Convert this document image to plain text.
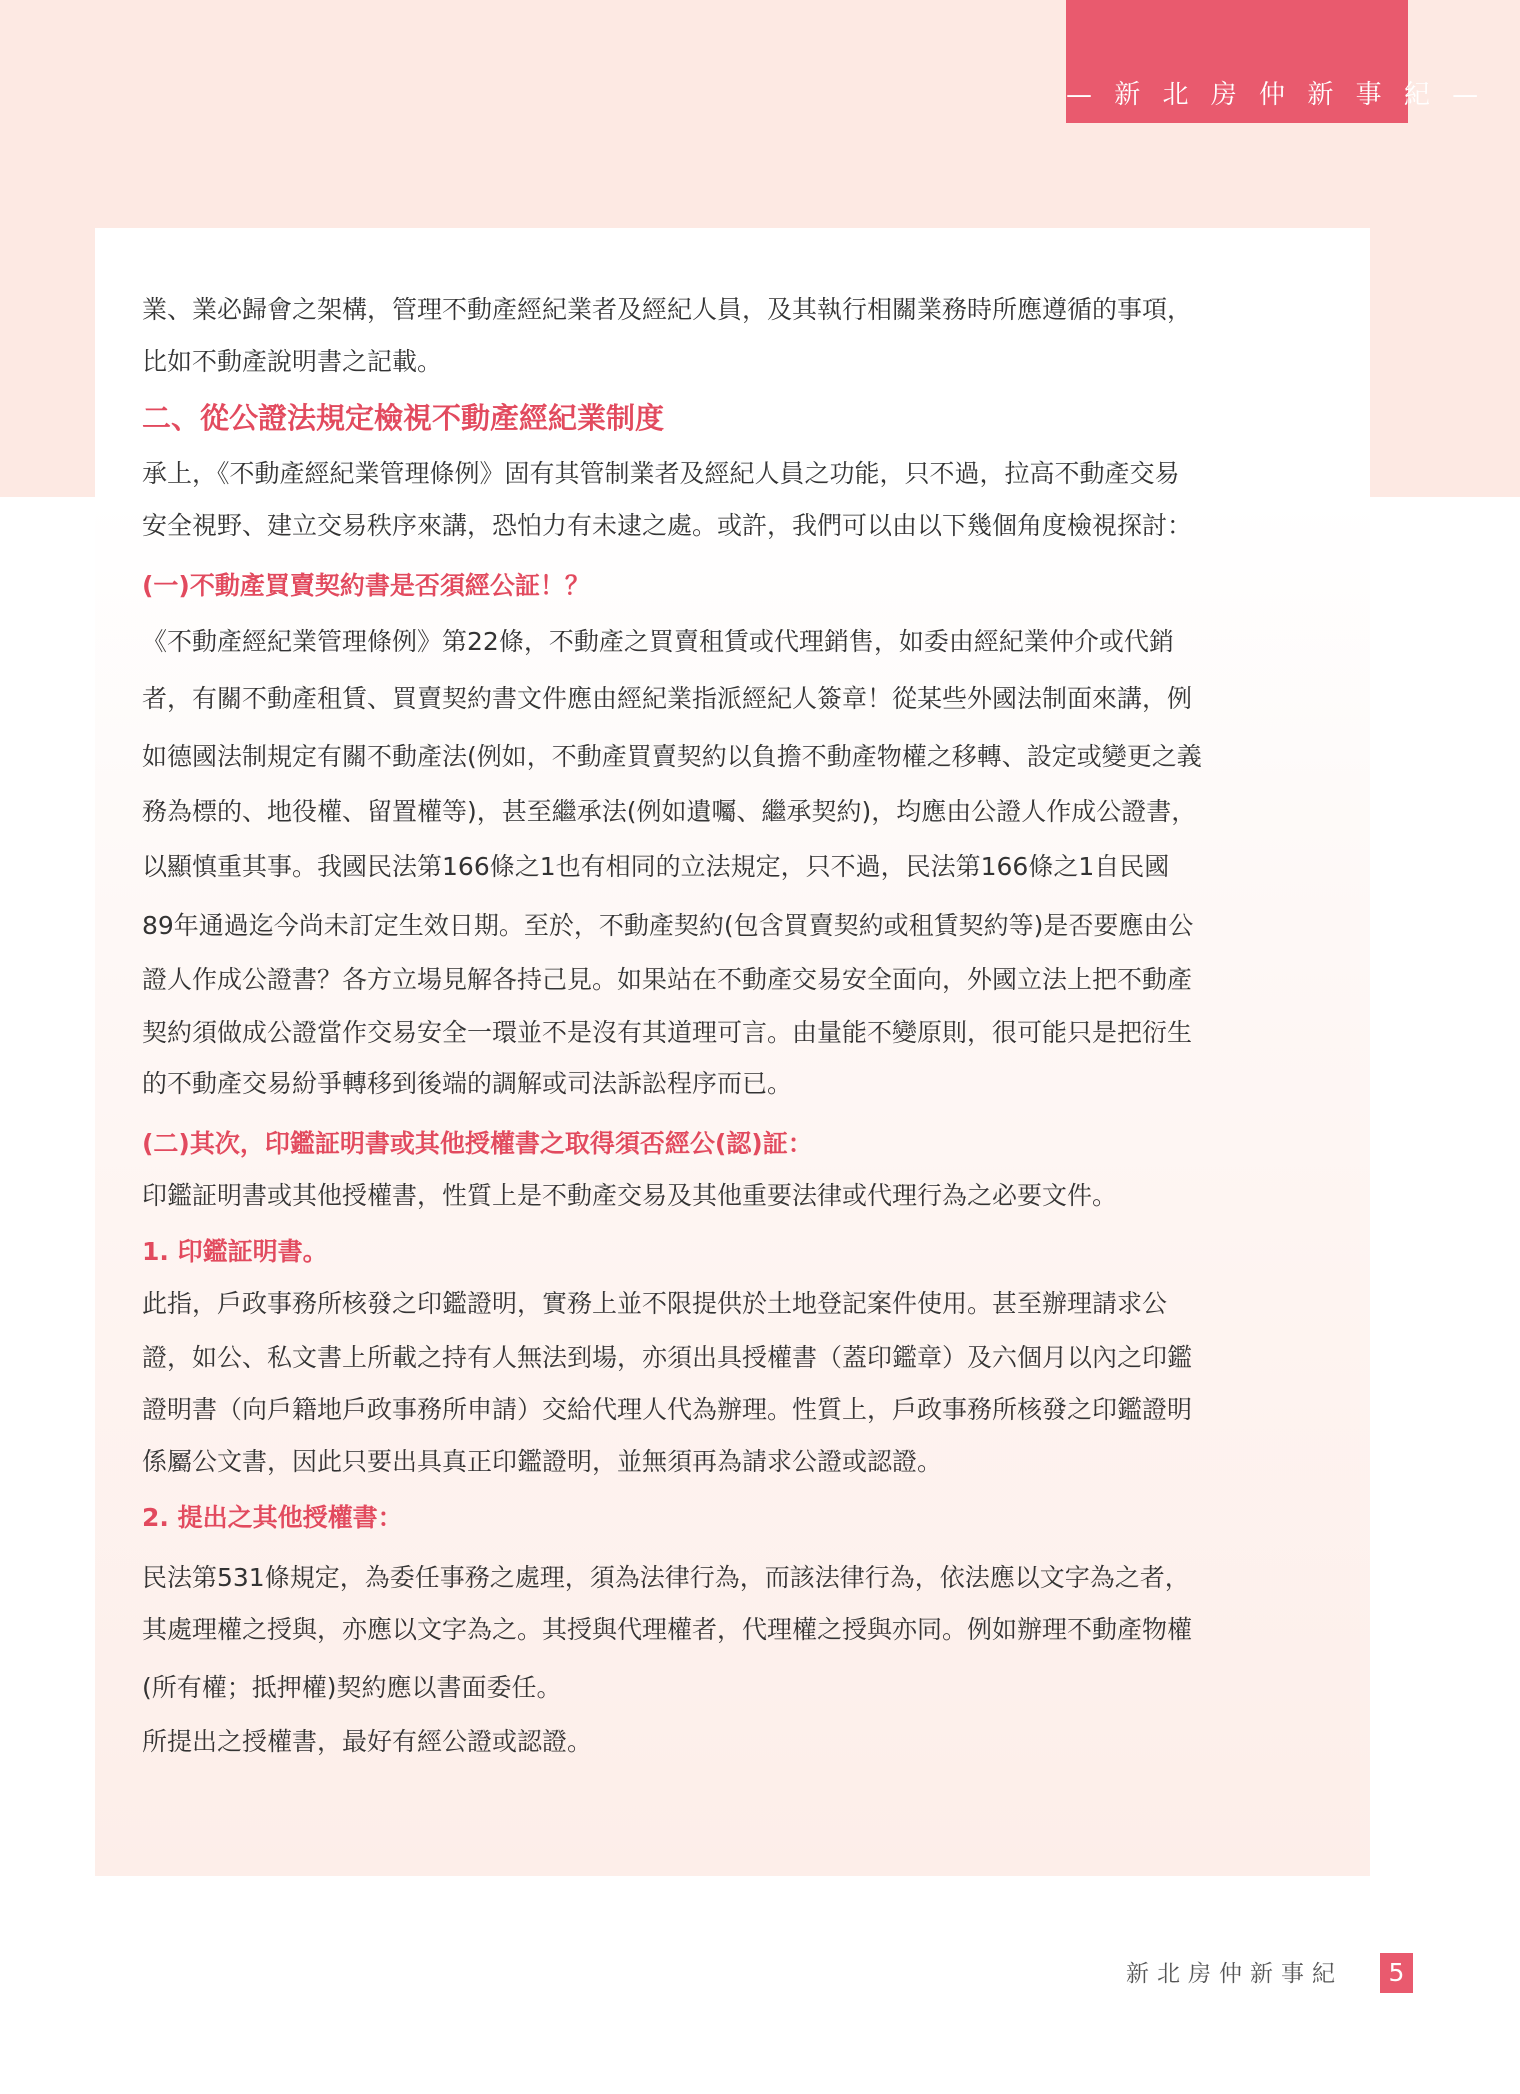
— 新 北 房 仲 新 事 紀 —
業、業必歸會之架構，管理不動產經紀業者及經紀人員，及其執行相關業務時所應遵循的事項，
比如不動產說明書之記載。
二、從公證法規定檢視不動產經紀業制度
承上，《不動產經紀業管理條例》固有其管制業者及經紀人員之功能，只不過，拉高不動產交易
安全視野、建立交易秩序來講，恐怕力有未逮之處。或許，我們可以由以下幾個角度檢視探討：
(一)不動產買賣契約書是否須經公証！？
《不動產經紀業管理條例》第22條，不動產之買賣租賃或代理銷售，如委由經紀業仲介或代銷
者，有關不動產租賃、買賣契約書文件應由經紀業指派經紀人簽章！從某些外國法制面來講，例
如德國法制規定有關不動產法(例如，不動產買賣契約以負擔不動產物權之移轉、設定或變更之義
務為標的、地役權、留置權等)，甚至繼承法(例如遺囑、繼承契約)，均應由公證人作成公證書，
以顯慎重其事。我國民法第166條之1也有相同的立法規定，只不過，民法第166條之1自民國
89年通過迄今尚未訂定生效日期。至於，不動產契約(包含買賣契約或租賃契約等)是否要應由公
證人作成公證書？各方立場見解各持己見。如果站在不動產交易安全面向，外國立法上把不動產
契約須做成公證當作交易安全一環並不是沒有其道理可言。由量能不變原則，很可能只是把衍生
的不動產交易紛爭轉移到後端的調解或司法訴訟程序而已。
(二)其次，印鑑証明書或其他授權書之取得須否經公(認)証：
印鑑証明書或其他授權書，性質上是不動產交易及其他重要法律或代理行為之必要文件。
1. 印鑑証明書。
此指，戶政事務所核發之印鑑證明，實務上並不限提供於土地登記案件使用。甚至辦理請求公
證，如公、私文書上所載之持有人無法到場，亦須出具授權書（蓋印鑑章）及六個月以內之印鑑
證明書（向戶籍地戶政事務所申請）交給代理人代為辦理。性質上，戶政事務所核發之印鑑證明
係屬公文書，因此只要出具真正印鑑證明，並無須再為請求公證或認證。
2. 提出之其他授權書：
民法第531條規定，為委任事務之處理，須為法律行為，而該法律行為，依法應以文字為之者，
其處理權之授與，亦應以文字為之。其授與代理權者，代理權之授與亦同。例如辦理不動產物權
(所有權；抵押權)契約應以書面委任。
所提出之授權書，最好有經公證或認證。
新北房仲新事紀	5
